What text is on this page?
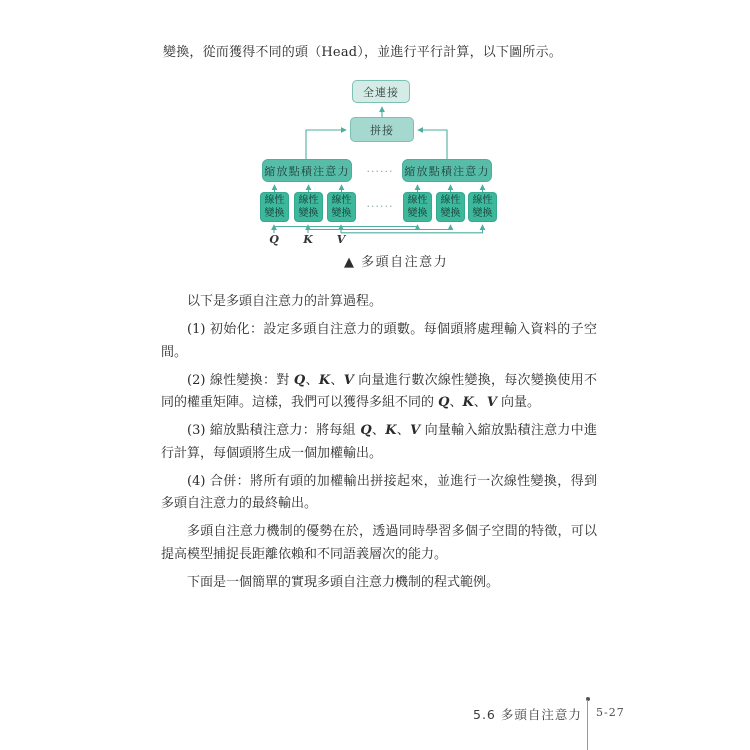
變換，從而獲得不同的頭（Head），並進行平行計算，以下圖所示。

全連接
拼接
縮放點積注意力	縮放點積注意力
......
......
線性
變換
線性
變換
線性
變換
線性
變換
線性
變換
線性
變換
Q K V
▲ 多頭自注意力

以下是多頭自注意力的計算過程。

(1) 初始化：設定多頭自注意力的頭數。每個頭將處理輸入資料的子空間。

(2) 線性變換：對 Q、K、V 向量進行數次線性變換，每次變換使用不同的權重矩陣。這樣，我們可以獲得多組不同的 Q、K、V 向量。

(3) 縮放點積注意力：將每組 Q、K、V 向量輸入縮放點積注意力中進行計算，每個頭將生成一個加權輸出。

(4) 合併：將所有頭的加權輸出拼接起來，並進行一次線性變換，得到多頭自注意力的最終輸出。

多頭自注意力機制的優勢在於，透過同時學習多個子空間的特徵，可以提高模型捕捉長距離依賴和不同語義層次的能力。

下面是一個簡單的實現多頭自注意力機制的程式範例。

5.6 多頭自注意力 5-27
